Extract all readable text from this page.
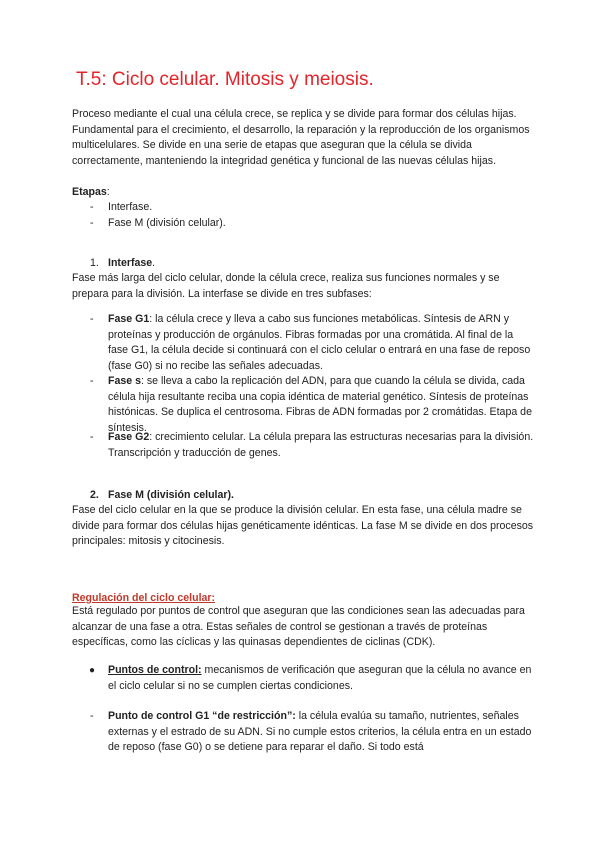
T.5: Ciclo celular. Mitosis y meiosis.

Proceso mediante el cual una célula crece, se replica y se divide para formar dos células hijas. Fundamental para el crecimiento, el desarrollo, la reparación y la reproducción de los organismos multicelulares. Se divide en una serie de etapas que aseguran que la célula se divida correctamente, manteniendo la integridad genética y funcional de las nuevas células hijas.

Etapas:
- Interfase.
- Fase M (división celular).
1. Interfase.

Fase más larga del ciclo celular, donde la célula crece, realiza sus funciones normales y se prepara para la división. La interfase se divide en tres subfases:

- Fase G1: la célula crece y lleva a cabo sus funciones metabólicas. Síntesis de ARN y proteínas y producción de orgánulos. Fibras formadas por una cromátida. Al final de la fase G1, la célula decide si continuará con el ciclo celular o entrará en una fase de reposo (fase G0) si no recibe las señales adecuadas.

- Fase s: se lleva a cabo la replicación del ADN, para que cuando la célula se divida, cada célula hija resultante reciba una copia idéntica de material genético. Síntesis de proteínas histónicas. Se duplica el centrosoma. Fibras de ADN formadas por 2 cromátidas. Etapa de síntesis.

- Fase G2: crecimiento celular. La célula prepara las estructuras necesarias para la división. Transcripción y traducción de genes.

2. Fase M (división celular).

Fase del ciclo celular en la que se produce la división celular. En esta fase, una célula madre se divide para formar dos células hijas genéticamente idénticas. La fase M se divide en dos procesos principales: mitosis y citocinesis.

Regulación del ciclo celular:

Está regulado por puntos de control que aseguran que las condiciones sean las adecuadas para alcanzar de una fase a otra. Estas señales de control se gestionan a través de proteínas específicas, como las cíclicas y las quinasas dependientes de ciclinas (CDK).

● Puntos de control: mecanismos de verificación que aseguran que la célula no avance en el ciclo celular si no se cumplen ciertas condiciones.

- Punto de control G1 “de restricción”: la célula evalúa su tamaño, nutrientes, señales externas y el estrado de su ADN. Si no cumple estos criterios, la célula entra en un estado de reposo (fase G0) o se detiene para reparar el daño. Si todo está
